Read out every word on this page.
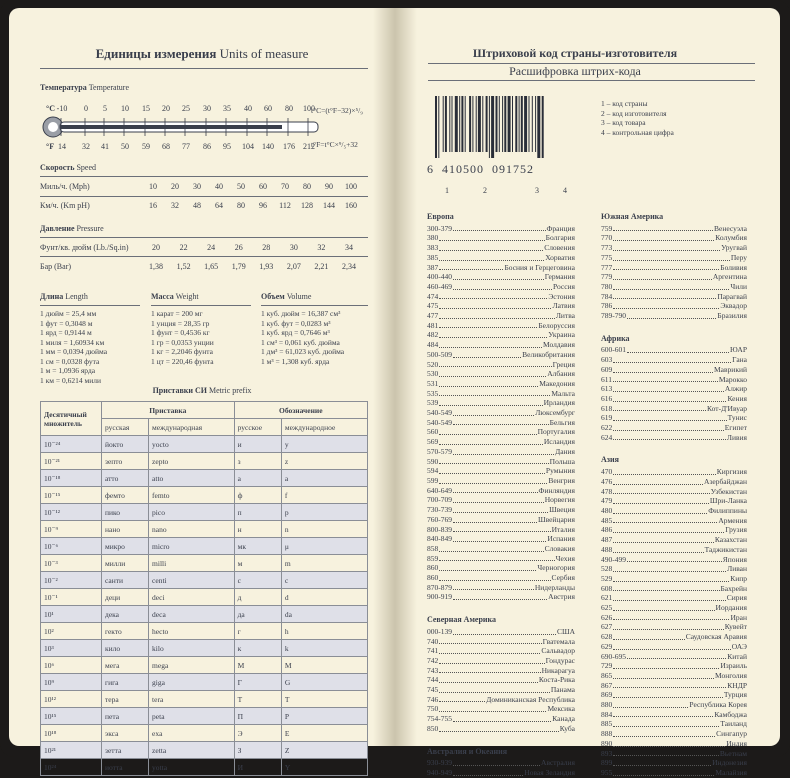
Единицы измерения Units of measure
Температура Temperature
°C
°F
-10	0	5	10	15	20	25	30	35	40	60	80	100
14	32	41	50	59	68	77	86	95	104 140 176 212
t°C=(t°F−32)×⁵/₉
t°F=t°C×⁹/₅+32
Скорость Speed
Миль/ч. (Mph)	10	20	30	40	50	60	70	80	90	100
Км/ч. (Km pH)	16	32	48	64	80	96	112	128	144	160
Давление Pressure
Фунт/кв. дюйм (Lb./Sq.in)	20	22	24	26	28	30	32	34
Бар (Bar)	1,38	1,52	1,65	1,79	1,93	2,07	2,21	2,34
Длина Length	Масса Weight	Объем Volume
1 дюйм = 25,4 мм
1 фут = 0,3048 м
1 ярд = 0,9144 м
1 миля = 1,60934 км
1 мм = 0,0394 дюйма
1 см = 0,0328 фута
1 м = 1,0936 ярда
1 км = 0,6214 мили
1 карат = 200 мг
1 унция = 28,35 гр
1 фунт = 0,4536 кг
1 гр = 0,0353 унции
1 кг = 2,2046 фунта
1 цт = 220,46 фунта
1 куб. дюйм = 16,387 см³
1 куб. фут = 0,0283 м³
1 куб. ярд = 0,7646 м³
1 см³ = 0,061 куб. дюйма
1 дм³ = 61,023 куб. дюйма
1 м³ = 1,308 куб. ярда
Приставки СИ Metric prefix
Десятичный множитель	Приставка		Обозначение	
	русская	международная	русское	международное
10⁻²⁴	йокто	yocto	и	y
10⁻²¹	зепто	zepto	з	z
10⁻¹⁸	атто	atto	а	a
10⁻¹⁵	фемто	femto	ф	f
10⁻¹²	пико	pico	п	p
10⁻⁹	нано	nano	н	n
10⁻⁶	микро	micro	мк	μ
10⁻³	милли	milli	м	m
10⁻²	санти	centi	с	c
10⁻¹	деци	deci	д	d
10¹	дека	deca	да	da
10²	гекто	hecto	г	h
10³	кило	kilo	к	k
10⁶	мега	mega	М	M
10⁹	гига	giga	Г	G
10¹²	тера	tera	Т	T
10¹⁵	пета	peta	П	P
10¹⁸	экса	exa	Э	E
10²¹	зетта	zetta	З	Z
10²⁴	иотта	yotta	И	Y
Штриховой код страны-изготовителя
Расшифровка штрих-кода
6 410500 091752
1	2	3	4
1 – код страны
2 – код изготовителя
3 – код товара
4 – контрольная цифра
Европа
300-379	Франция
380	Болгария
383	Словения
385	Хорватия
387	Босния и Герцеговина
400-440	Германия
460-469	Россия
474	Эстония
475	Латвия
477	Литва
481	Белоруссия
482	Украина
484	Молдавия
500-509	Великобритания
520	Греция
530	Албания
531	Македония
535	Мальта
539	Ирландия
540-549	Люксембург
540-549	Бельгия
560	Португалия
569	Исландия
570-579	Дания
590	Польша
594	Румыния
599	Венгрия
640-649	Финляндия
700-709	Норвегия
730-739	Швеция
760-769	Швейцария
800-839	Италия
840-849	Испания
858	Словакия
859	Чехия
860	Черногория
860	Сербия
870-879	Нидерланды
900-919	Австрия
Северная Америка
000-139	США
740	Гватемала
741	Сальвадор
742	Гондурас
743	Никарагуа
744	Коста-Рика
745	Панама
746	Доминиканская Республика
750	Мексика
754-755	Канада
850	Куба
Австралия и Океания
930-939	Австралия
940-949	Новая Зеландия
Южная Америка
759	Венесуэла
770	Колумбия
773	Уругвай
775	Перу
777	Боливия
779	Аргентина
780	Чили
784	Парагвай
786	Эквадор
789-790	Бразилия
Африка
600-601	ЮАР
603	Гана
609	Маврикий
611	Марокко
613	Алжир
616	Кения
618	Кот-Д'Ивуар
619	Тунис
622	Египет
624	Ливия
Азия
470	Киргизия
476	Азербайджан
478	Узбекистан
479	Шри-Ланка
480	Филиппины
485	Армения
486	Грузия
487	Казахстан
488	Таджикистан
490-499	Япония
528	Ливан
529	Кипр
608	Бахрейн
621	Сирия
625	Иордания
626	Иран
627	Кувейт
628	Саудовская Аравия
629	ОАЭ
690-695	Китай
729	Израиль
865	Монголия
867	КНДР
869	Турция
880	Республика Корея
884	Камбоджа
885	Таиланд
888	Сингапур
890	Индия
893	Вьетнам
899	Индонезия
955	Малайзия
